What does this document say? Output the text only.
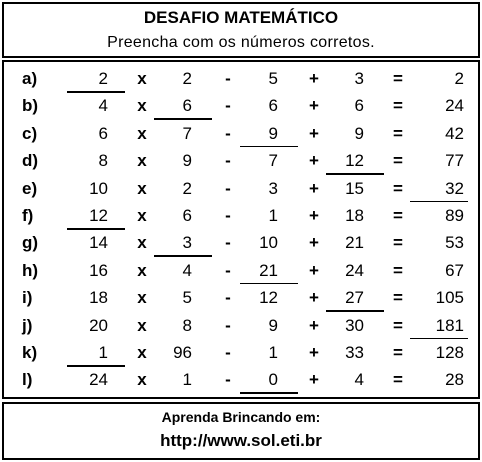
DESAFIO MATEMÁTICO
Preencha com os números corretos.
a)	2	x	2	-	5 +	3 =	2
b)	4	x	6	-	6 +	6 =	24
c)	6	x	7	-	9 +	9 =	42
d)	8	x	9	-	7 +	12 =	77
e)	10	x	2	-	3 +	15 =	32
f)	12	x	6	-	1 +	18 =	89
g)	14	x	3	-	10 +	21 =	53
h)	16	x	4	-	21 +	24 =	67
i)	18	x	5	-	12 +	27 =	105
j)	20	x	8	-	9 +	30 =	181
k)	1	x	96	-	1 +	33 =	128
l)	24	x	1	-	0 +	4 =	28
Aprenda Brincando em:
http://www.sol.eti.br
